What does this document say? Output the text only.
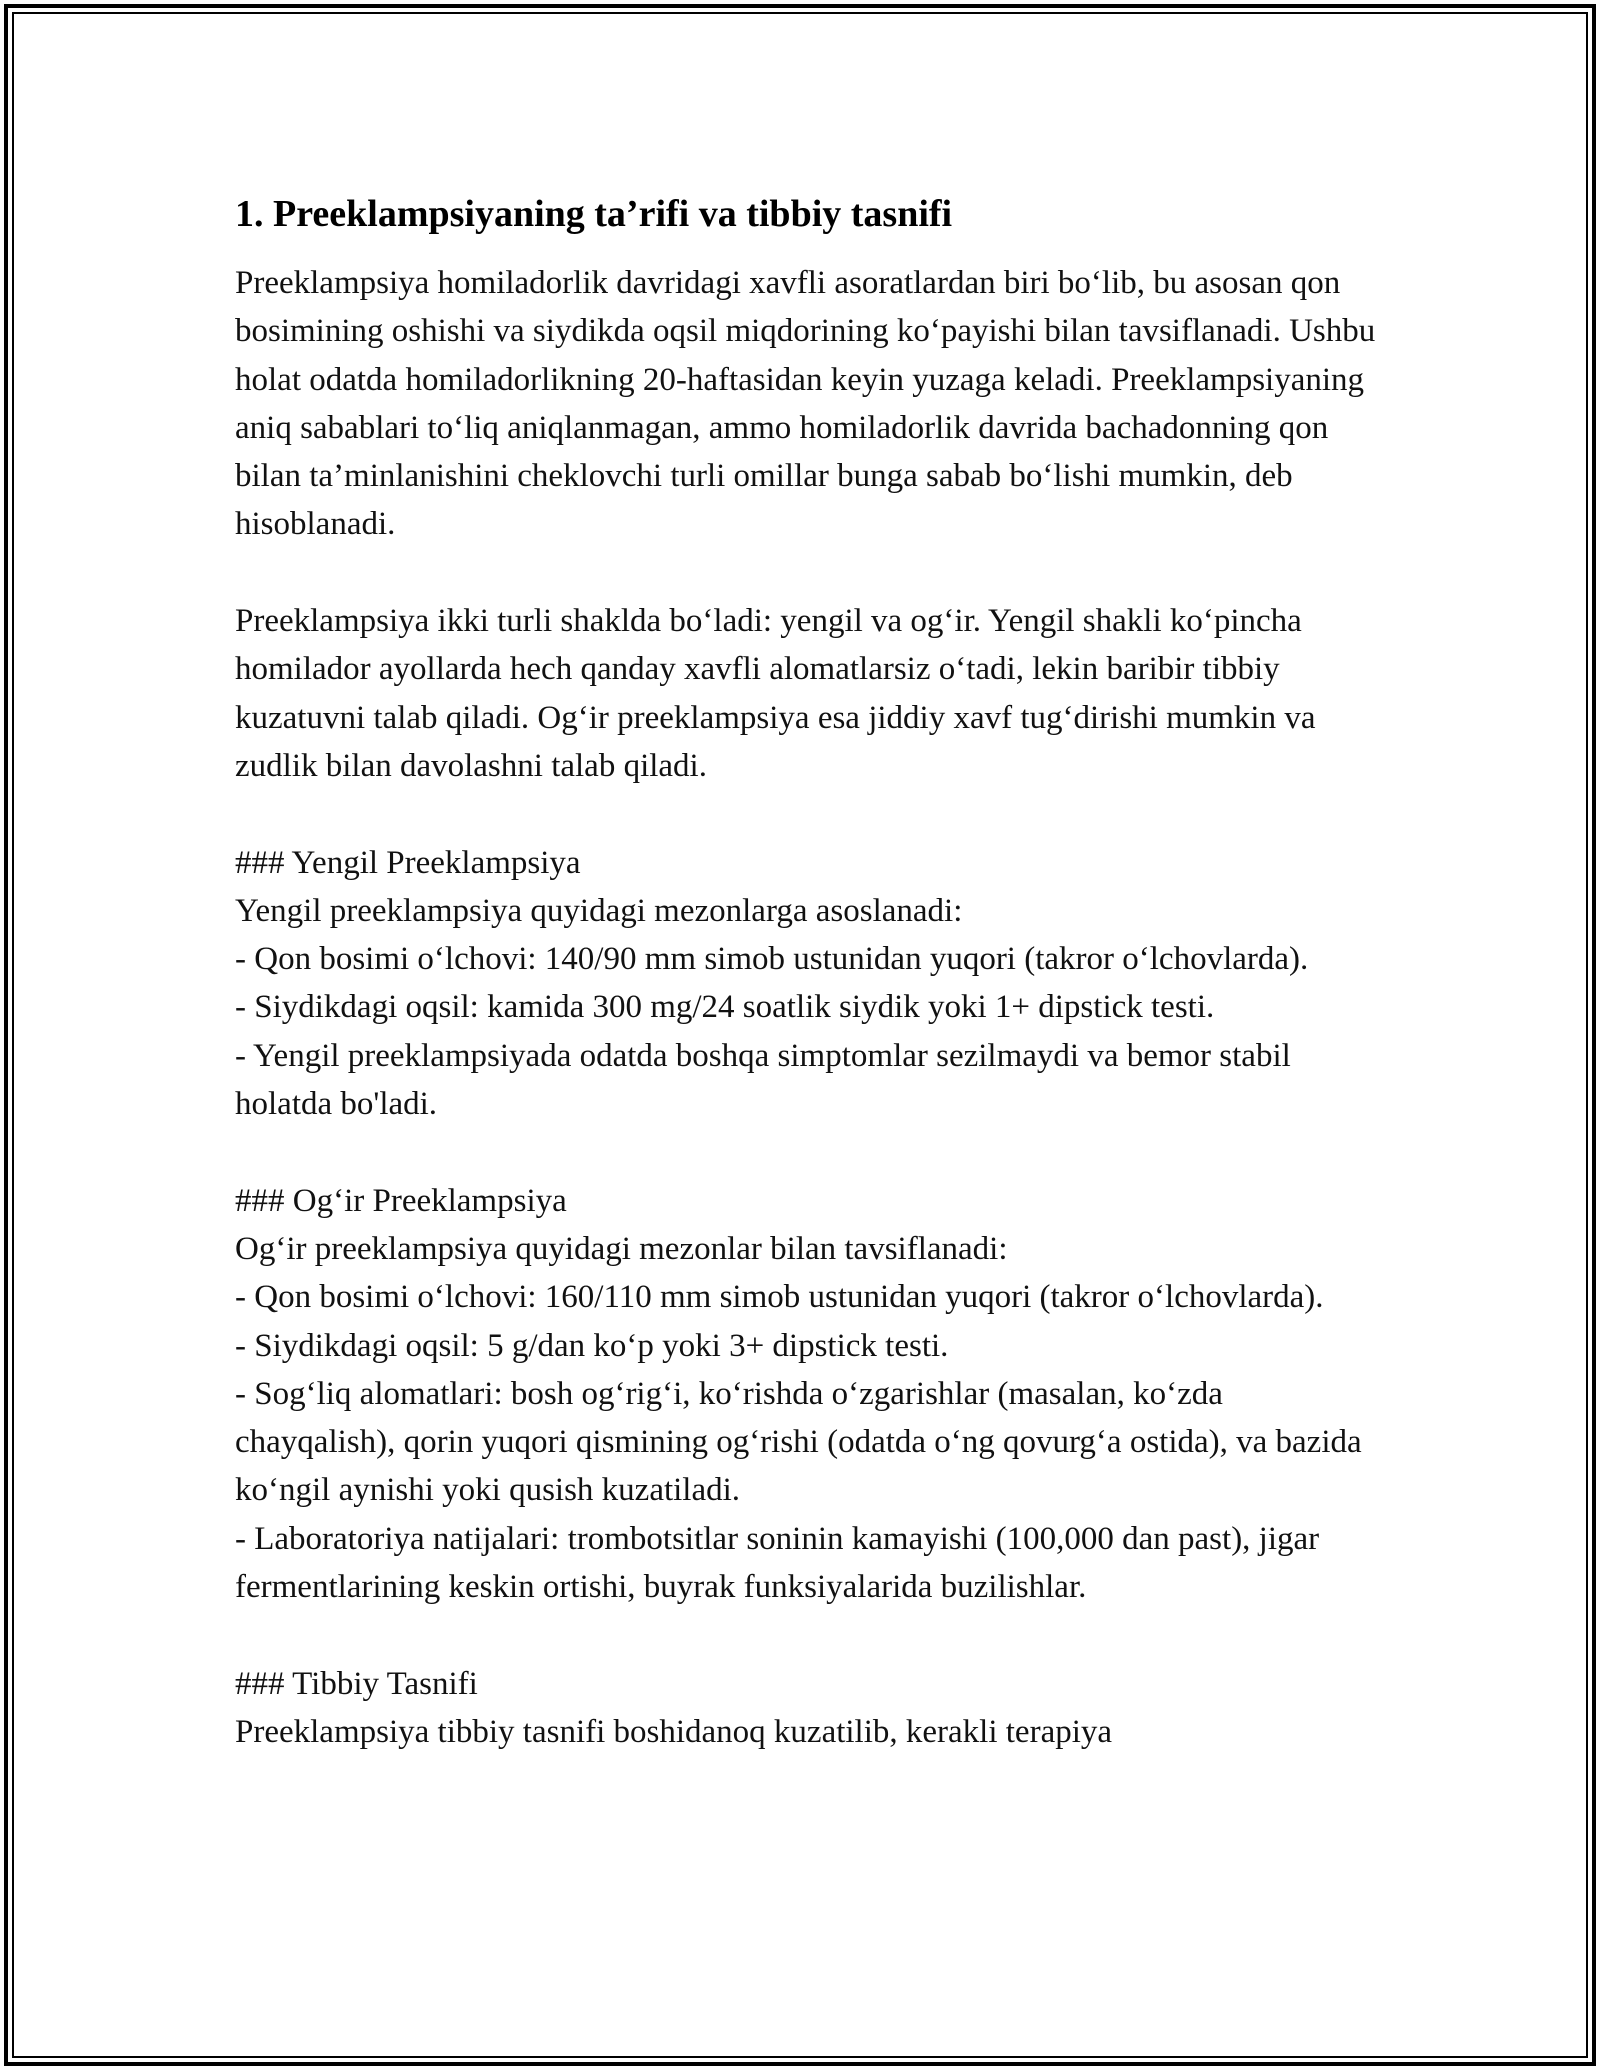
1. Preeklampsiyaning ta’rifi va tibbiy tasnifi

Preeklampsiya homiladorlik davridagi xavfli asoratlardan biri bo‘lib, bu asosan qon bosimining oshishi va siydikda oqsil miqdorining ko‘payishi bilan tavsiflanadi. Ushbu holat odatda homiladorlikning 20-haftasidan keyin yuzaga keladi. Preeklampsiyaning aniq sabablari to‘liq aniqlanmagan, ammo homiladorlik davrida bachadonning qon bilan ta’minlanishini cheklovchi turli omillar bunga sabab bo‘lishi mumkin, deb hisoblanadi.

Preeklampsiya ikki turli shaklda bo‘ladi: yengil va og‘ir. Yengil shakli ko‘pincha homilador ayollarda hech qanday xavfli alomatlarsiz o‘tadi, lekin baribir tibbiy kuzatuvni talab qiladi. Og‘ir preeklampsiya esa jiddiy xavf tug‘dirishi mumkin va zudlik bilan davolashni talab qiladi.

### Yengil Preeklampsiya
Yengil preeklampsiya quyidagi mezonlarga asoslanadi:
- Qon bosimi o‘lchovi: 140/90 mm simob ustunidan yuqori (takror o‘lchovlarda).
- Siydikdagi oqsil: kamida 300 mg/24 soatlik siydik yoki 1+ dipstick testi.
- Yengil preeklampsiyada odatda boshqa simptomlar sezilmaydi va bemor stabil holatda bo'ladi.
### Og‘ir Preeklampsiya
Og‘ir preeklampsiya quyidagi mezonlar bilan tavsiflanadi:
- Qon bosimi o‘lchovi: 160/110 mm simob ustunidan yuqori (takror o‘lchovlarda).
- Siydikdagi oqsil: 5 g/dan ko‘p yoki 3+ dipstick testi.
- Sog‘liq alomatlari: bosh og‘rig‘i, ko‘rishda o‘zgarishlar (masalan, ko‘zda chayqalish), qorin yuqori qismining og‘rishi (odatda o‘ng qovurg‘a ostida), va bazida ko‘ngil aynishi yoki qusish kuzatiladi.
- Laboratoriya natijalari: trombotsitlar soninin kamayishi (100,000 dan past), jigar fermentlarining keskin ortishi, buyrak funksiyalarida buzilishlar.
### Tibbiy Tasnifi
Preeklampsiya tibbiy tasnifi boshidanoq kuzatilib, kerakli terapiya
